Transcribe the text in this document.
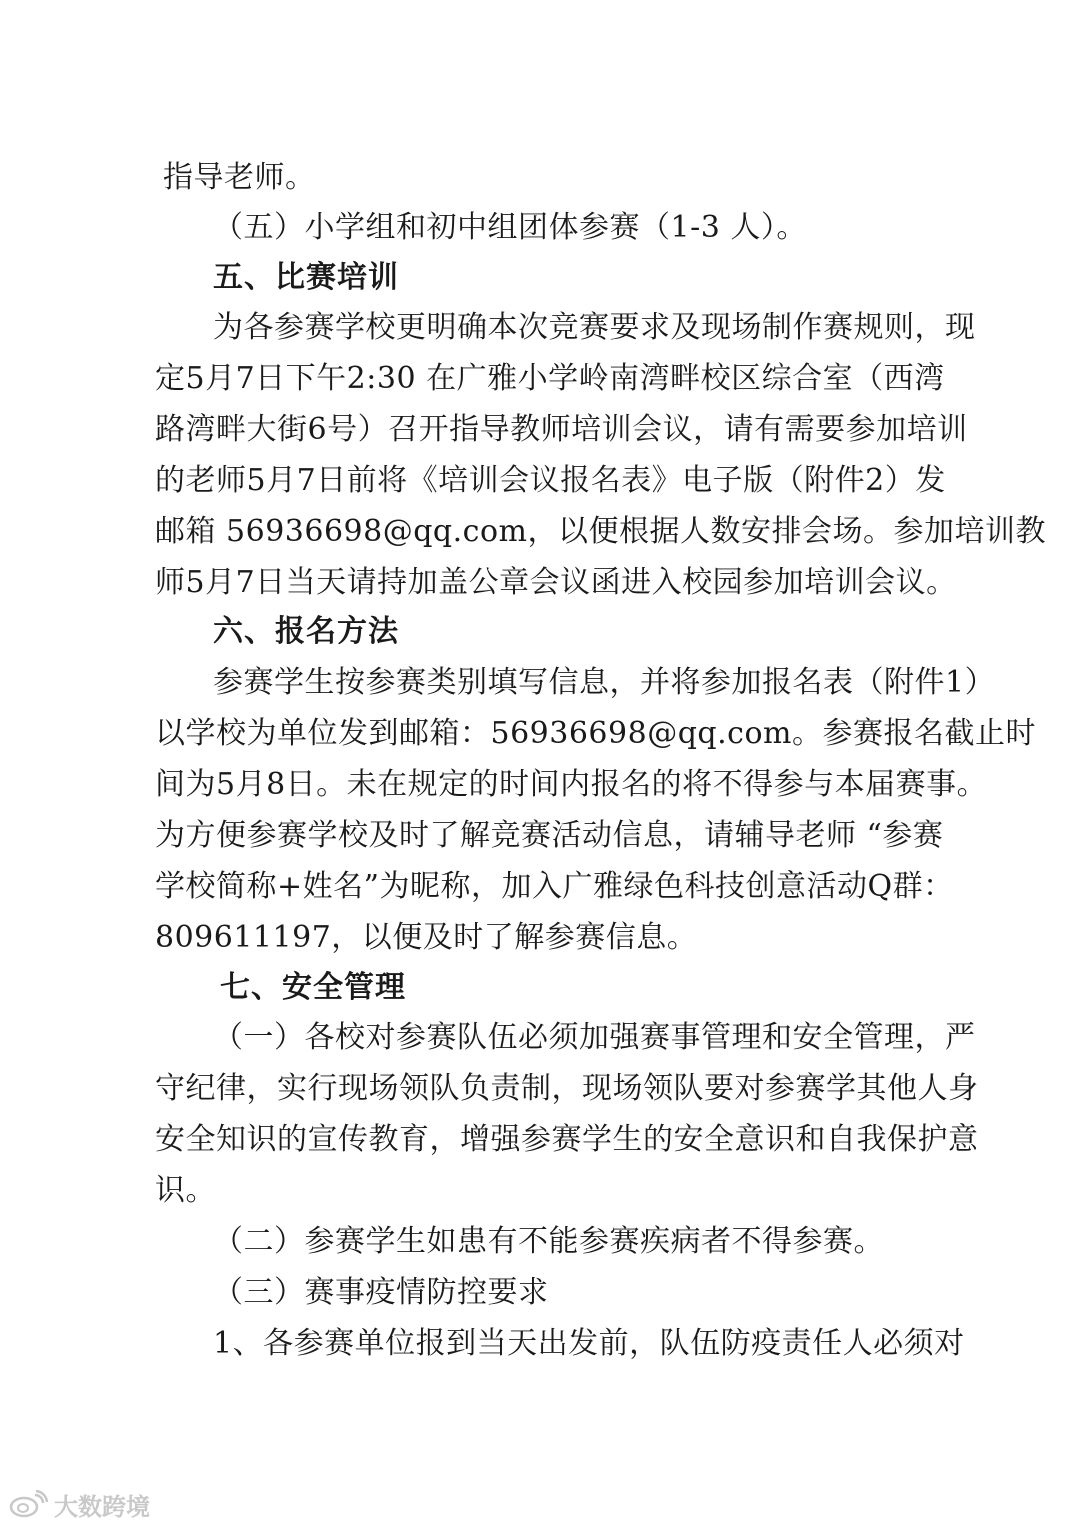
指导老师。
（五）小学组和初中组团体参赛（1-3 人）。
五、比赛培训
为各参赛学校更明确本次竞赛要求及现场制作赛规则，现
定5月7日下午2:30 在广雅小学岭南湾畔校区综合室（西湾
路湾畔大街6号）召开指导教师培训会议，请有需要参加培训
的老师5月7日前将《培训会议报名表》电子版（附件2）发
邮箱 56936698@qq.com，以便根据人数安排会场。参加培训教
师5月7日当天请持加盖公章会议函进入校园参加培训会议。
六、报名方法
参赛学生按参赛类别填写信息，并将参加报名表（附件1）
以学校为单位发到邮箱：56936698@qq.com。参赛报名截止时
间为5月8日。未在规定的时间内报名的将不得参与本届赛事。
为方便参赛学校及时了解竞赛活动信息，请辅导老师 “参赛
学校简称+姓名”为昵称，加入广雅绿色科技创意活动Q群：
809611197，以便及时了解参赛信息。
七、安全管理
（一）各校对参赛队伍必须加强赛事管理和安全管理，严
守纪律，实行现场领队负责制，现场领队要对参赛学其他人身
安全知识的宣传教育，增强参赛学生的安全意识和自我保护意
识。
（二）参赛学生如患有不能参赛疾病者不得参赛。
（三）赛事疫情防控要求
1、各参赛单位报到当天出发前，队伍防疫责任人必须对
大数跨境
